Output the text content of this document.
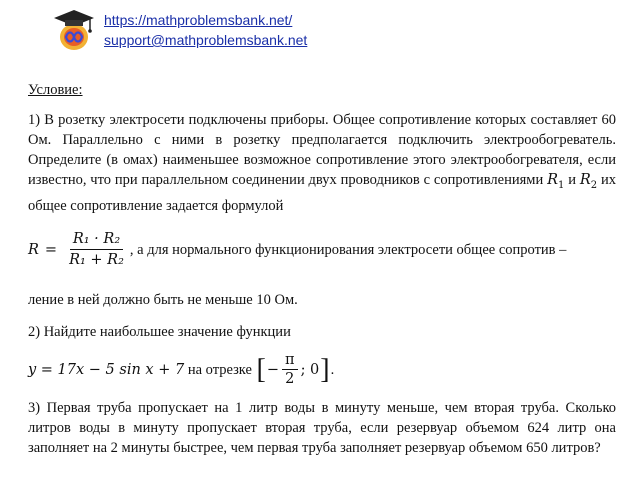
https://mathproblemsbank.net/
support@mathproblemsbank.net

Условие:

1) В розетку электросети подключены приборы. Общее сопротивление которых составляет 60 Ом. Параллельно с ними в розетку предполагается подключить электрообогреватель. Определите (в омах) наименьшее возможное сопротивление этого электрообогревателя, если известно, что при параллельном соединении двух проводников с сопротивлениями $R_1$ и $R_2$ их общее сопротивление задается формулой

$R = \frac{\text{R₁ · R₂}}{\text{R₁ + R₂}}$ , а для нормального функционирования электросети общее сопротив –

ление в ней должно быть не меньше 10 Ом.

2) Найдите наибольшее значение функции

y = 17x − 5 sin x + 7
на отрезке
[ − $\frac{\pi}{2}$ ; 0 ] .

3) Первая труба пропускает на 1 литр воды в минуту меньше, чем вторая труба. Сколько литров воды в минуту пропускает вторая труба, если резервуар объемом 624 литр она заполняет на 2 минуты быстрее, чем первая труба заполняет резервуар объемом 650 литров?
